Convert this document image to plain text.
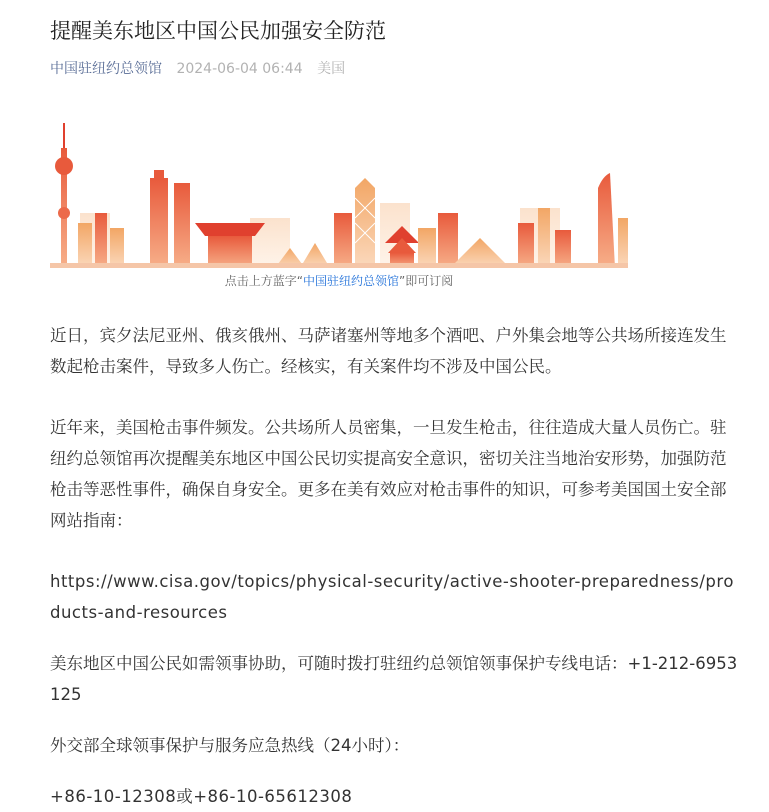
提醒美东地区中国公民加强安全防范
中国驻纽约总领馆 2024-06-04 06:44 美国
点击上方蓝字“中国驻纽约总领馆”即可订阅

近日，宾夕法尼亚州、俄亥俄州、马萨诸塞州等地多个酒吧、户外集会地等公共场所接连发生数起枪击案件，导致多人伤亡。经核实，有关案件均不涉及中国公民。

近年来，美国枪击事件频发。公共场所人员密集，一旦发生枪击，往往造成大量人员伤亡。驻纽约总领馆再次提醒美东地区中国公民切实提高安全意识，密切关注当地治安形势，加强防范枪击等恶性事件，确保自身安全。更多在美有效应对枪击事件的知识，可参考美国国土安全部网站指南：

https://www.cisa.gov/topics/physical-security/active-shooter-preparedness/products-and-resources

美东地区中国公民如需领事协助，可随时拨打驻纽约总领馆领事保护专线电话：+1-212-6953125

外交部全球领事保护与服务应急热线（24小时）：

+86-10-12308或+86-10-65612308
